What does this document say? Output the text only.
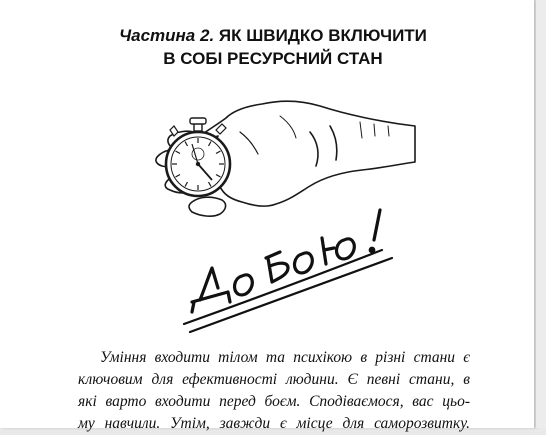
Частина 2. ЯК ШВИДКО ВКЛЮЧИТИ
В СОБІ РЕСУРСНИЙ СТАН
Уміння входити тілом та психікою в різні стани є
ключовим для ефективності людини. Є певні стани, в
які варто входити перед боєм. Сподіваємося, вас цьо-
му навчили. Утім, завжди є місце для саморозвитку.
